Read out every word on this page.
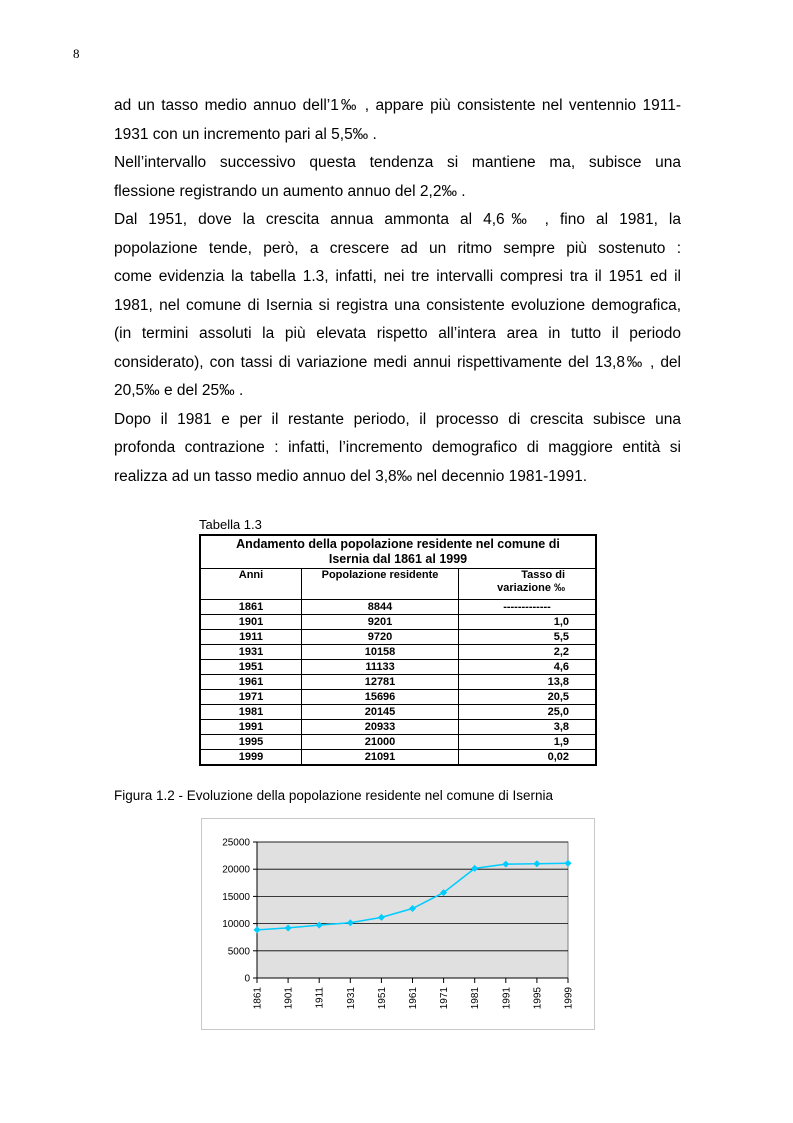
8

ad un tasso medio annuo dell’1‰ , appare più consistente nel ventennio 1911-
1931 con un incremento pari al 5,5‰ .

Nell’intervallo successivo questa tendenza si mantiene ma, subisce una
flessione registrando un aumento annuo del 2,2‰ .

Dal 1951, dove la crescita annua ammonta al 4,6‰ , fino al 1981, la
popolazione tende, però, a crescere ad un ritmo sempre più sostenuto :
come evidenzia la tabella 1.3, infatti, nei tre intervalli compresi tra il 1951 ed il
1981, nel comune di Isernia si registra una consistente evoluzione demografica,
(in termini assoluti la più elevata rispetto all’intera area in tutto il periodo
considerato), con tassi di variazione medi annui rispettivamente del 13,8‰ , del
20,5‰ e del 25‰ .

Dopo il 1981 e per il restante periodo, il processo di crescita subisce una
profonda contrazione : infatti, l’incremento demografico di maggiore entità si
realizza ad un tasso medio annuo del 3,8‰ nel decennio 1981-1991.

Tabella 1.3
Andamento della popolazione residente nel comune di
Isernia dal 1861 al 1999		
Anni	Popolazione residente	Tasso di
variazione ‰
1861	8844	-------------
1901	9201	1,0
1911	9720	5,5
1931	10158	2,2
1951	11133	4,6
1961	12781	13,8
1971	15696	20,5
1981	20145	25,0
1991	20933	3,8
1995	21000	1,9
1999	21091	0,02
Figura 1.2 - Evoluzione della popolazione residente nel comune di Isernia
0
5000
10000
15000
20000
25000
1861 1901 1911 1931 1951 1961 1971 1981 1991 1995 1999
